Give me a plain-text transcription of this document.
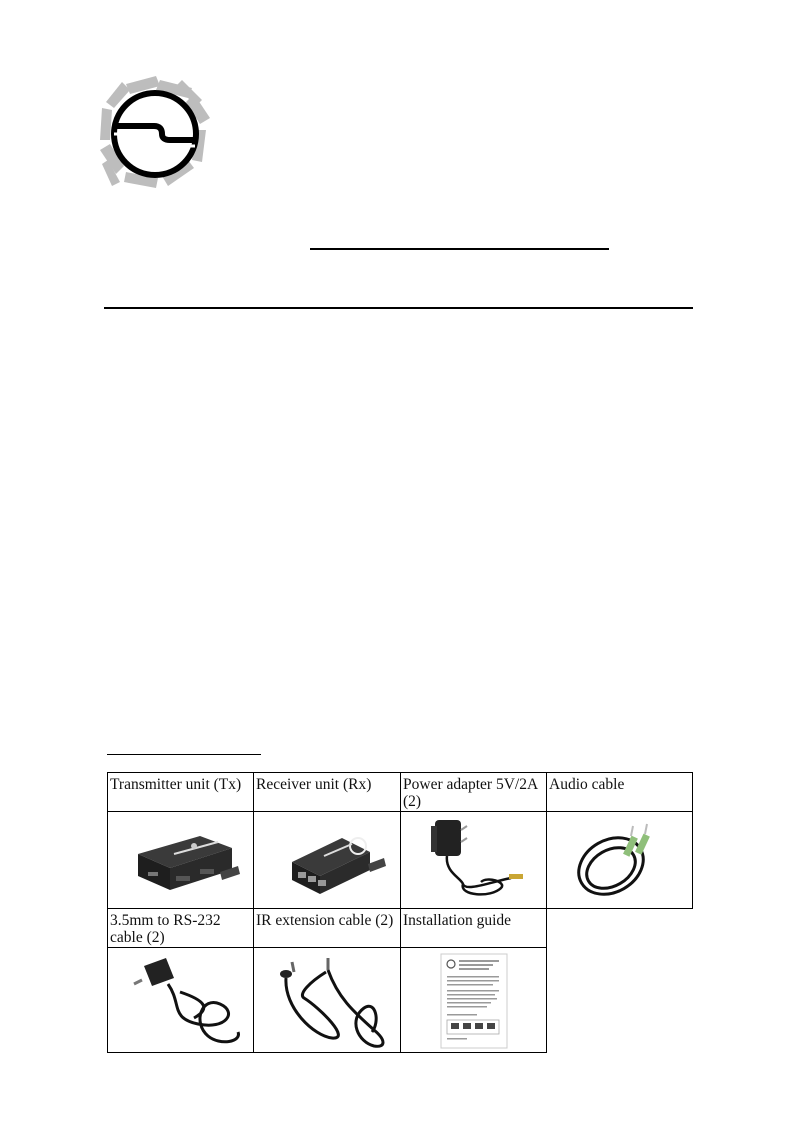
Transmitter unit (Tx)	Receiver unit (Rx)	Power adapter 5V/2A (2)	Audio cable

3.5mm to RS-232 cable (2)	IR extension cable (2)	Installation guide	
